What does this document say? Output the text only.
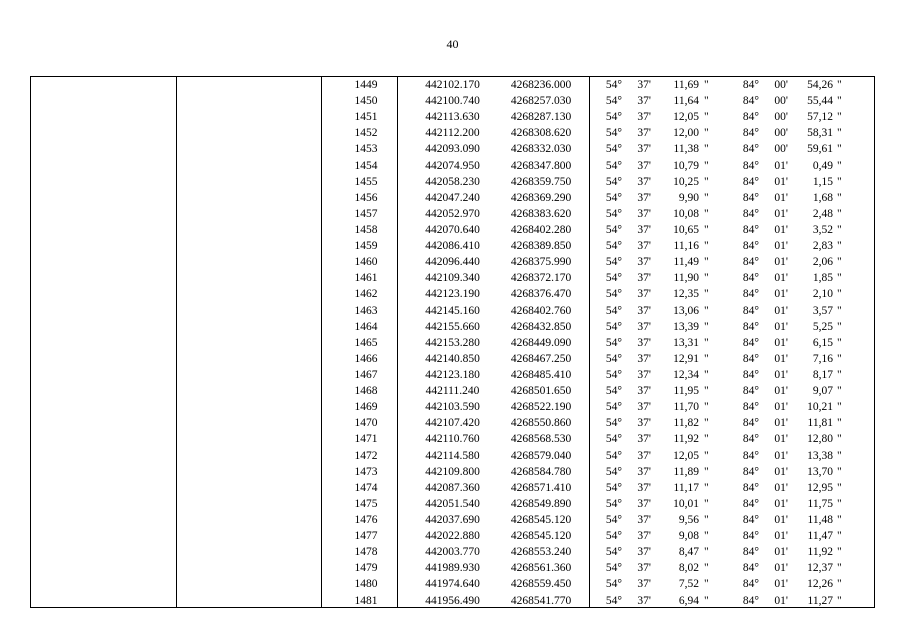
40
1449	442102.170	4268236.000	54°	37'	11,69 "	84°	00'	54,26 "
1450	442100.740	4268257.030	54°	37'	11,64 "	84°	00'	55,44 "
1451	442113.630	4268287.130	54°	37'	12,05 "	84°	00'	57,12 "
1452	442112.200	4268308.620	54°	37'	12,00 "	84°	00'	58,31 "
1453	442093.090	4268332.030	54°	37'	11,38 "	84°	00'	59,61 "
1454	442074.950	4268347.800	54°	37'	10,79 "	84°	01'	0,49 "
1455	442058.230	4268359.750	54°	37'	10,25 "	84°	01'	1,15 "
1456	442047.240	4268369.290	54°	37'	9,90 "	84°	01'	1,68 "
1457	442052.970	4268383.620	54°	37'	10,08 "	84°	01'	2,48 "
1458	442070.640	4268402.280	54°	37'	10,65 "	84°	01'	3,52 "
1459	442086.410	4268389.850	54°	37'	11,16 "	84°	01'	2,83 "
1460	442096.440	4268375.990	54°	37'	11,49 "	84°	01'	2,06 "
1461	442109.340	4268372.170	54°	37'	11,90 "	84°	01'	1,85 "
1462	442123.190	4268376.470	54°	37'	12,35 "	84°	01'	2,10 "
1463	442145.160	4268402.760	54°	37'	13,06 "	84°	01'	3,57 "
1464	442155.660	4268432.850	54°	37'	13,39 "	84°	01'	5,25 "
1465	442153.280	4268449.090	54°	37'	13,31 "	84°	01'	6,15 "
1466	442140.850	4268467.250	54°	37'	12,91 "	84°	01'	7,16 "
1467	442123.180	4268485.410	54°	37'	12,34 "	84°	01'	8,17 "
1468	442111.240	4268501.650	54°	37'	11,95 "	84°	01'	9,07 "
1469	442103.590	4268522.190	54°	37'	11,70 "	84°	01'	10,21 "
1470	442107.420	4268550.860	54°	37'	11,82 "	84°	01'	11,81 "
1471	442110.760	4268568.530	54°	37'	11,92 "	84°	01'	12,80 "
1472	442114.580	4268579.040	54°	37'	12,05 "	84°	01'	13,38 "
1473	442109.800	4268584.780	54°	37'	11,89 "	84°	01'	13,70 "
1474	442087.360	4268571.410	54°	37'	11,17 "	84°	01'	12,95 "
1475	442051.540	4268549.890	54°	37'	10,01 "	84°	01'	11,75 "
1476	442037.690	4268545.120	54°	37'	9,56 "	84°	01'	11,48 "
1477	442022.880	4268545.120	54°	37'	9,08 "	84°	01'	11,47 "
1478	442003.770	4268553.240	54°	37'	8,47 "	84°	01'	11,92 "
1479	441989.930	4268561.360	54°	37'	8,02 "	84°	01'	12,37 "
1480	441974.640	4268559.450	54°	37'	7,52 "	84°	01'	12,26 "
1481	441956.490	4268541.770	54°	37'	6,94 "	84°	01'	11,27 "
